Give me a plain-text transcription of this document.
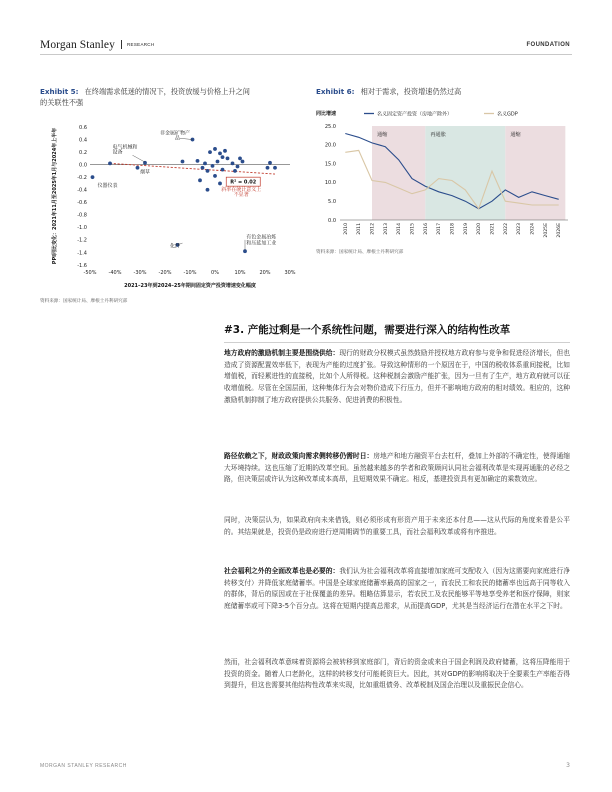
Morgan Stanley	RESEARCH	FOUNDATION
Exhibit 5: 在终端需求低迷的情况下，投资放缓与价格上升之间
的关联性不强
0.6
0.4
0.2
0.0
-0.2
-0.4
-0.6
-0.8
-1.0
-1.2
-1.4
-1.6
-50% -40% -30% -20% -10%	0%	10%	20%	30%
2021–23年到2024–25年期间固定资产投资增速变化幅度
PPI同比变化：2021年11月至2025年1月与2024年上半年	非金属矿物产
品
电气机械和
设备
烟草
仪器仪表
斜率在统计意义上
不显著
化纤
有色金属冶炼
和压延加工业
R² = 0.02
资料来源：国家统计局、摩根士丹利研究部
Exhibit 6: 相对于需求，投资增速仍然过高
通缩	再通胀	通缩
25.0
20.0
15.0
10.0
5.0
0.0
2010 2011 2012 2013 2014 2015 2016 2017 2018 2019 2020 2021 2022 2023 2024 2025E 2026E
同比增速	名义固定资产投资（房地产除外）	名义GDP
资料来源：国家统计局、摩根士丹利研究部
#3. 产能过剩是一个系统性问题，需要进行深入的结构性改革
地方政府的激励机制主要是围绕供给：现行的财政分权模式虽然鼓励并授权地方政府参与竞争和促进经济增长，但也造成了资源配置效率低下，表现为产能的过度扩张。导致这种情形的一个原因在于，中国的税收体系重间接税，比如增值税，而轻累进性的直接税，比如个人所得税。这种税制会激励产能扩张，因为一旦有了生产，地方政府就可以征收增值税。尽管在全国层面，这种集体行为会对物价造成下行压力，但并不影响地方政府的相对绩效。相应的，这种激励机制抑制了地方政府提供公共服务、促进消费的积极性。
路径依赖之下，财政政策向需求侧转移仍需时日：房地产和地方融资平台去杠杆，叠加上外部的不确定性，使得通缩大环境持续。这也压缩了近期的改革空间。虽然越来越多的学者和政策顾问认同社会福利改革是实现再通胀的必经之路，但决策层或许认为这种改革成本高昂，且短期效果不确定。相反，基建投资具有更加确定的乘数效应。
同时，决策层认为，如果政府向未来借钱，则必须形成有形资产用于未来还本付息——这从代际的角度来看是公平的。其结果就是，投资仍是政府进行逆周期调节的重要工具，而社会福利改革或将有序推进。
社会福利之外的全面改革也是必要的：我们认为社会福利改革将直接增加家庭可支配收入（因为这需要向家庭进行净转移支付）并降低家庭储蓄率。中国是全球家庭储蓄率最高的国家之一，而农民工和农民的储蓄率也远高于同等收入的群体，背后的原因或在于社保覆盖的差异。粗略估算显示，若农民工及农民能够平等地享受养老和医疗保障，则家庭储蓄率或可下降3-5个百分点。这将在短期内提高总需求，从而提高GDP，尤其是当经济运行在潜在水平之下时。
然而，社会福利改革意味着资源将会被转移到家庭部门，背后的资金或来自于国企利润及政府储蓄，这将压降能用于投资的资金。随着人口老龄化，这样的转移支付可能耗资巨大。因此，其对GDP的影响将取决于全要素生产率能否得到提升，但这也需要其他结构性改革来实现，比如重组债务、改革税制及国企治理以及重振民企信心。
MORGAN STANLEY RESEARCH	3
